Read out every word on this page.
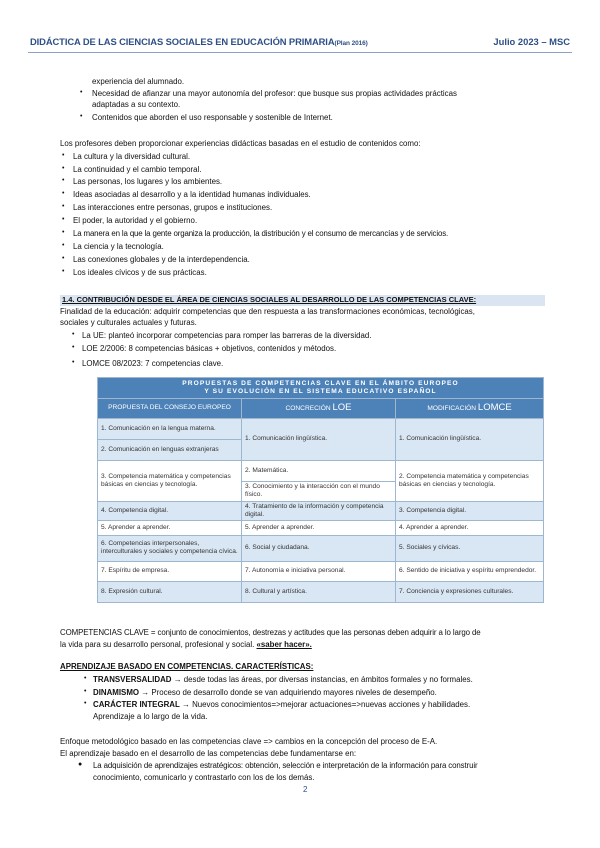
DIDÁCTICA DE LAS CIENCIAS SOCIALES EN EDUCACIÓN PRIMARIA(Plan 2016)	Julio 2023 – MSC
experiencia del alumnado.
• Necesidad de afianzar una mayor autonomía del profesor: que busque sus propias actividades prácticas
adaptadas a su contexto.
• Contenidos que aborden el uso responsable y sostenible de Internet.
Los profesores deben proporcionar experiencias didácticas basadas en el estudio de contenidos como:
• La cultura y la diversidad cultural.
• La continuidad y el cambio temporal.
• Las personas, los lugares y los ambientes.
• Ideas asociadas al desarrollo y a la identidad humanas individuales.
• Las interacciones entre personas, grupos e instituciones.
• El poder, la autoridad y el gobierno.
• La manera en la que la gente organiza la producción, la distribución y el consumo de mercancías y de servicios.
• La ciencia y la tecnología.
• Las conexiones globales y de la interdependencia.
• Los ideales cívicos y de sus prácticas.
1.4. CONTRIBUCIÓN DESDE EL ÁREA DE CIENCIAS SOCIALES AL DESARROLLO DE LAS COMPETENCIAS CLAVE:
Finalidad de la educación: adquirir competencias que den respuesta a las transformaciones económicas, tecnológicas,
sociales y culturales actuales y futuras.
• La UE: planteó incorporar competencias para romper las barreras de la diversidad.
• LOE 2/2006: 8 competencias básicas + objetivos, contenidos y métodos.
• LOMCE 08/2023: 7 competencias clave.
PROPUESTAS DE COMPETENCIAS CLAVE EN EL ÁMBITO EUROPEO
Y SU EVOLUCIÓN EN EL SISTEMA EDUCATIVO ESPAÑOL		
PROPUESTA DEL CONSEJO EUROPEO	CONCRECIÓN LOE	MODIFICACIÓN LOMCE
1. Comunicación en la lengua materna.	1. Comunicación lingüística.	1. Comunicación lingüística.
2. Comunicación en lenguas extranjeras		
3. Competencia matemática y competencias básicas en ciencias y tecnología.	2. Matemática.	2. Competencia matemática y competencias básicas en ciencias y tecnología.
	3. Conocimiento y la interacción con el mundo físico.	
4. Competencia digital.	4. Tratamiento de la información y competencia digital.	3. Competencia digital.
5. Aprender a aprender.	5. Aprender a aprender.	4. Aprender a aprender.
6. Competencias interpersonales, interculturales y sociales y competencia cívica.	6. Social y ciudadana.	5. Sociales y cívicas.
7. Espíritu de empresa.	7. Autonomía e iniciativa personal.	6. Sentido de iniciativa y espíritu emprendedor.
8. Expresión cultural.	8. Cultural y artística.	7. Conciencia y expresiones culturales.
COMPETENCIAS CLAVE = conjunto de conocimientos, destrezas y actitudes que las personas deben adquirir a lo largo de
la vida para su desarrollo personal, profesional y social. «saber hacer».
APRENDIZAJE BASADO EN COMPETENCIAS. CARACTERÍSTICAS:
• TRANSVERSALIDAD → desde todas las áreas, por diversas instancias, en ámbitos formales y no formales.
• DINAMISMO → Proceso de desarrollo donde se van adquiriendo mayores niveles de desempeño.
• CARÁCTER INTEGRAL → Nuevos conocimientos=>mejorar actuaciones=>nuevas acciones y habilidades.
Aprendizaje a lo largo de la vida.
Enfoque metodológico basado en las competencias clave => cambios en la concepción del proceso de E-A.
El aprendizaje basado en el desarrollo de las competencias debe fundamentarse en:
● La adquisición de aprendizajes estratégicos: obtención, selección e interpretación de la información para construir
conocimiento, comunicarlo y contrastarlo con los de los demás.
2
